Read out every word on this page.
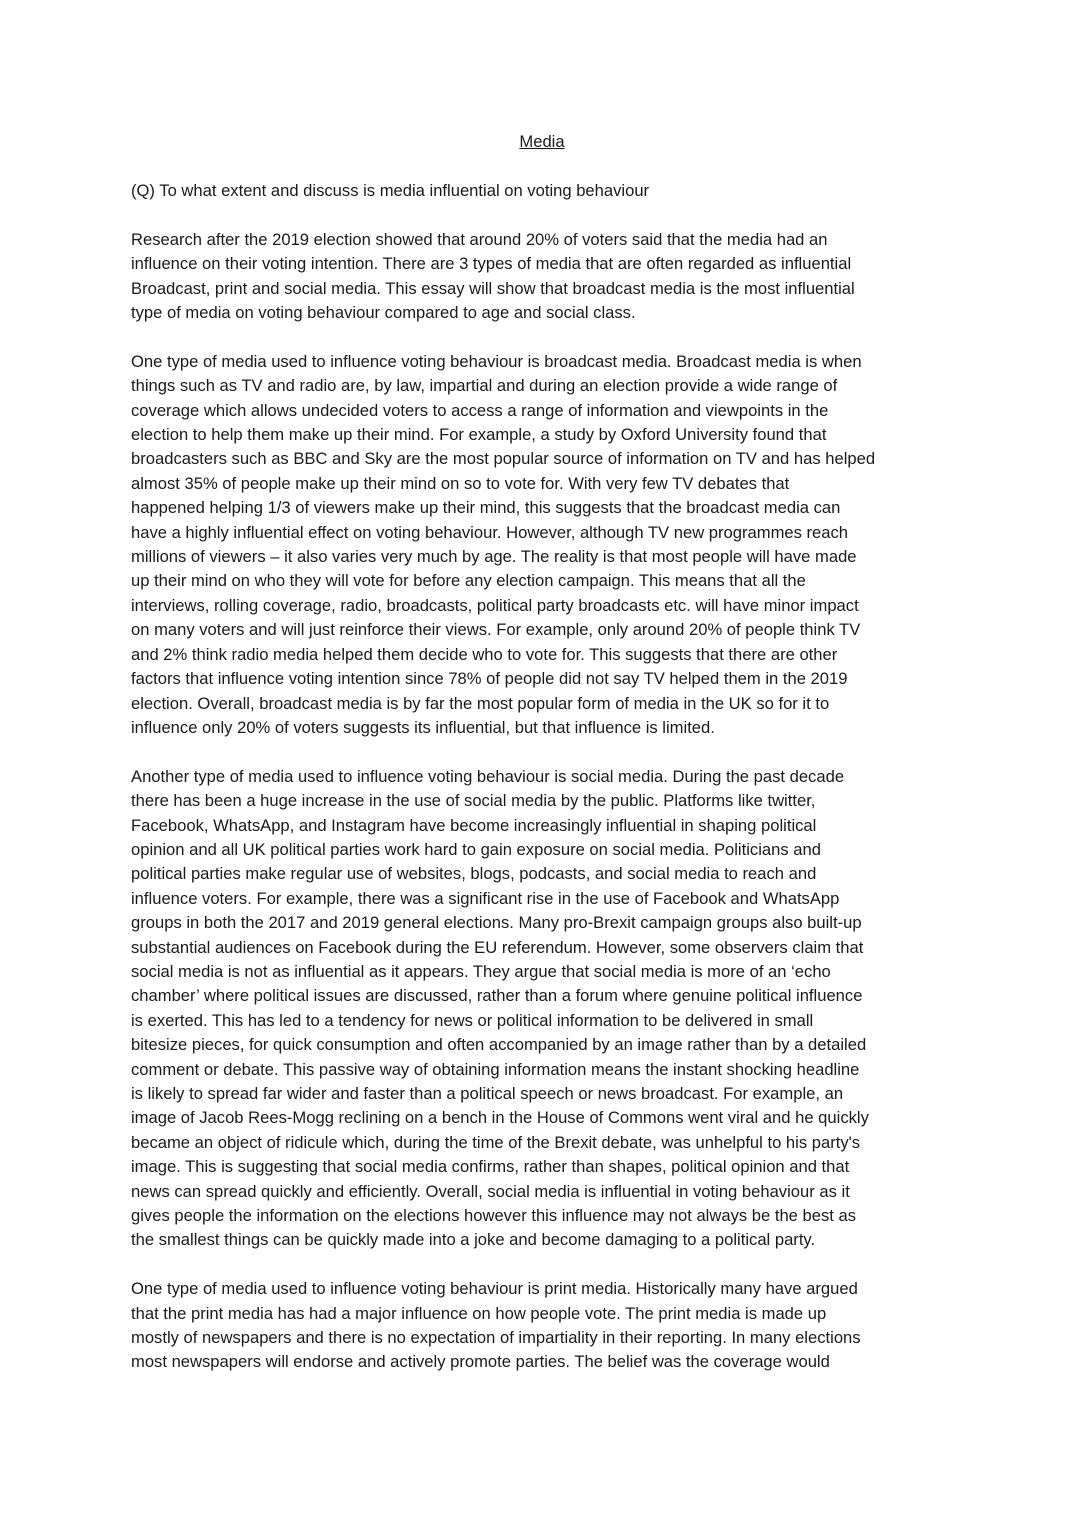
Media
(Q) To what extent and discuss is media influential on voting behaviour
Research after the 2019 election showed that around 20% of voters said that the media had an
influence on their voting intention. There are 3 types of media that are often regarded as influential
Broadcast, print and social media. This essay will show that broadcast media is the most influential
type of media on voting behaviour compared to age and social class.
One type of media used to influence voting behaviour is broadcast media. Broadcast media is when
things such as TV and radio are, by law, impartial and during an election provide a wide range of
coverage which allows undecided voters to access a range of information and viewpoints in the
election to help them make up their mind. For example, a study by Oxford University found that
broadcasters such as BBC and Sky are the most popular source of information on TV and has helped
almost 35% of people make up their mind on so to vote for. With very few TV debates that
happened helping 1/3 of viewers make up their mind, this suggests that the broadcast media can
have a highly influential effect on voting behaviour. However, although TV new programmes reach
millions of viewers – it also varies very much by age. The reality is that most people will have made
up their mind on who they will vote for before any election campaign. This means that all the
interviews, rolling coverage, radio, broadcasts, political party broadcasts etc. will have minor impact
on many voters and will just reinforce their views. For example, only around 20% of people think TV
and 2% think radio media helped them decide who to vote for. This suggests that there are other
factors that influence voting intention since 78% of people did not say TV helped them in the 2019
election. Overall, broadcast media is by far the most popular form of media in the UK so for it to
influence only 20% of voters suggests its influential, but that influence is limited.
Another type of media used to influence voting behaviour is social media. During the past decade
there has been a huge increase in the use of social media by the public. Platforms like twitter,
Facebook, WhatsApp, and Instagram have become increasingly influential in shaping political
opinion and all UK political parties work hard to gain exposure on social media. Politicians and
political parties make regular use of websites, blogs, podcasts, and social media to reach and
influence voters. For example, there was a significant rise in the use of Facebook and WhatsApp
groups in both the 2017 and 2019 general elections. Many pro-Brexit campaign groups also built-up
substantial audiences on Facebook during the EU referendum. However, some observers claim that
social media is not as influential as it appears. They argue that social media is more of an ‘echo
chamber’ where political issues are discussed, rather than a forum where genuine political influence
is exerted. This has led to a tendency for news or political information to be delivered in small
bitesize pieces, for quick consumption and often accompanied by an image rather than by a detailed
comment or debate. This passive way of obtaining information means the instant shocking headline
is likely to spread far wider and faster than a political speech or news broadcast. For example, an
image of Jacob Rees-Mogg reclining on a bench in the House of Commons went viral and he quickly
became an object of ridicule which, during the time of the Brexit debate, was unhelpful to his party's
image. This is suggesting that social media confirms, rather than shapes, political opinion and that
news can spread quickly and efficiently. Overall, social media is influential in voting behaviour as it
gives people the information on the elections however this influence may not always be the best as
the smallest things can be quickly made into a joke and become damaging to a political party.
One type of media used to influence voting behaviour is print media. Historically many have argued
that the print media has had a major influence on how people vote. The print media is made up
mostly of newspapers and there is no expectation of impartiality in their reporting. In many elections
most newspapers will endorse and actively promote parties. The belief was the coverage would
